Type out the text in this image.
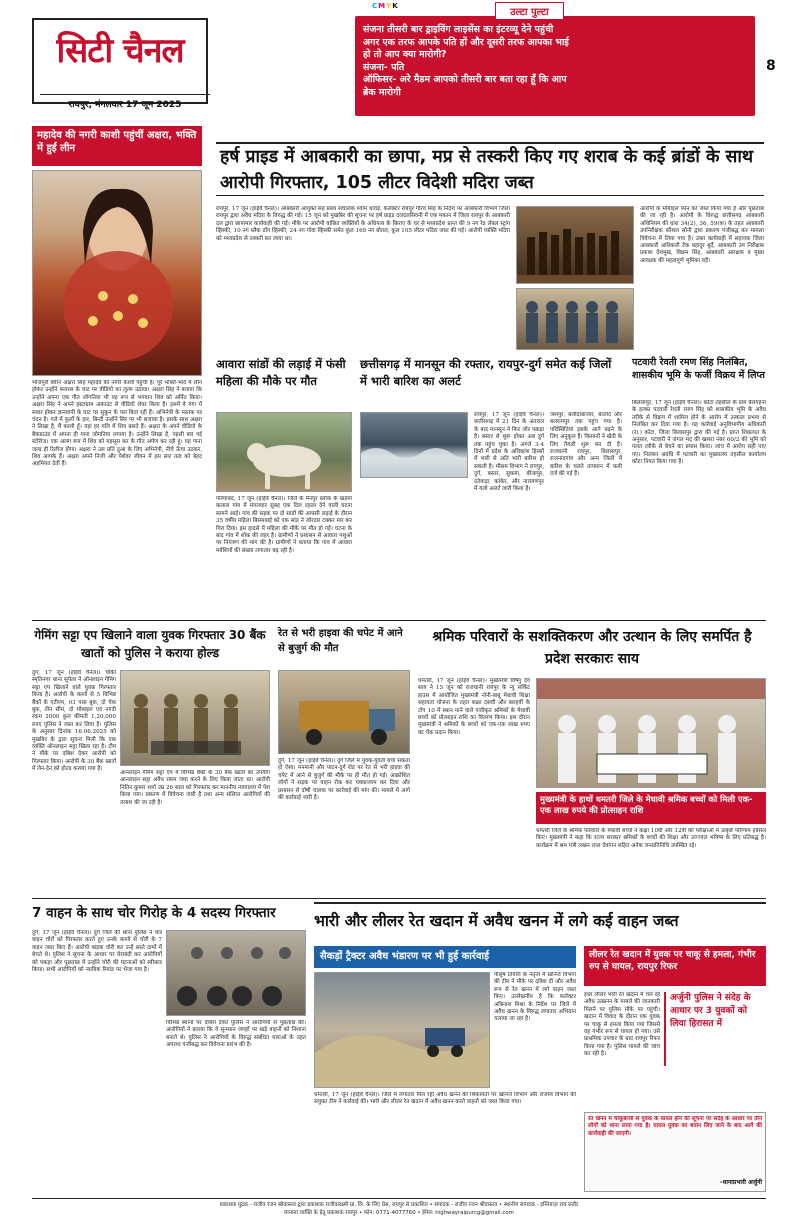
CMYK
सिटी चैनल
रायपुर, मंगलवार 17 जून 2025
उल्टा पुल्टा
संजना तीसरी बार ड्राइविंग लाइसेंस का इंटरव्यू देने पहुंची
अगर एक तरफ आपके पति हों और दूसरी तरफ आपका भाई
हो तो आप क्या मारोगी?
संजना- पति
ऑफिसर- अरे मैडम आपको तीसरी बार बता रहा हूँ कि आप
ब्रेक मारोगी
8
महादेव की नगरी काशी पहुंचीं अक्षरा, भक्ति में हुईं लीन
भोजपुरी क्वीन अक्षरा सिंह महादेव की नगरी काशी पहुंचीं हैं। पूरे भक्ति-भाव में लीन होकर उन्होंने बनारस के घाट पर वीडियो का लुत्फ उठाया। अक्षरा सिंह ने बताया कि उन्होंने अपना एक गीत जोगनिया भी यह रूप से भगवान शिव को अर्पित किया। अक्षरा सिंह ने अपने इंस्टाग्राम अकाउंट से वीडियो शेयर किया है। इसमें वे गंगा में सवार होकर ज्ञानवापी के घाट पर सुकून के पल बिता रही हैं। अभिनेत्री के मस्तक पर चंदन है। गले में फूलों के हार, बिन्दी उन्होंने सिर पर भी सजाया है। इसके साथ अक्षरा ने लिखा है, मैं काशी हूँ। यहां हर गलि में शिव बसते हैं। अक्षरा के अपने वीडियो के बैकग्राउंड में अपना ही गाना जोगनिया लगाया है। उन्होंने लिखा है, पहली बार गई स्टोरीज। एक अलग रूप में शिव को महसूस कर के गीत अर्पण कर रही हूं। यह गाना जल्द ही रिलीज होगा। अक्षरा ने उस प्रति दुआ के लिए अभिनेत्री, नीचे ऊँचा उठकर, शिव आपके हैं। अक्षरा अपने निजी और पेशेवर जीवन में इस सार तत्व को बेहद अहमियत देती हैं।
हर्ष प्राइड में आबकारी का छापा, मप्र से तस्करी किए गए शराब के कई ब्रांडों के साथ आरोपी गिरफ्तार, 105 लीटर विदेशी मदिरा जब्त
रायपुर, 17 जून (हाईवे चैनल)। आबकारी आयुक्त सह प्रबंध संचालक श्याम धावड़े, कलेक्टर रायपुर गौरव सिंह के निर्देश पर आबकारी विभाग जिला रायपुर द्वारा अवैध मदिरा के विरुद्ध की गई। 15 जून को मुखबिर की सूचना पर हर्ष प्राइड दलदलसिवनी में एक मकान में जिला रायपुर के आबकारी दल द्वारा छापामार कार्यवाही की गई। मौके पर आरोपी वांछित व्यक्तियों के अधिपत्य के किराए के घर से मध्यप्रदेश प्रान्त की 9 नग रेड लेबल स्ट्रांग व्हिस्की, 10 नग ब्लैक डॉग व्हिस्की, 24 नग गोवा व्हिस्की समेत कुल 169 नग बोतल, कुल 105 लीटर मदिरा जब्त की गई। आरोपी व्यक्ति मदिरा को मध्यप्रदेश से तस्करी कर लाया था।
आरोपी के मोबाइल फोन को जब्त किया गया है और पूछताछ की जा रही है। आरोपी के विरुद्ध छत्तीसगढ़ आबकारी अधिनियम की धारा 34(2), 36, 59(क) के तहत आबकारी उपनिरीक्षक कौशल सोनी द्वारा प्रकरण पंजीबद्ध कर मामला विवेचना में लिया गया है। उक्त कार्यवाही में सहायक जिला आबकारी अधिकारी टेक बहादुर बुर्दे, आबकारी उप निरीक्षक प्रकाश देशमुख, विक्रम सिंह, आबकारी आरक्षक व मुख्य आरक्षक की महत्वपूर्ण भूमिका रही।
आवारा सांडों की लड़ाई में फंसी महिला की मौके पर मौत
गरियाबंद, 17 जून (हाईवे चैनल)। जिले के मैनपुर ब्लॉक के खडमा कलाल गांव में मंगलवार सुबह एक दिल दहला देने वाली घटना सामने आई। गांव की सड़क पर दो सांडों की आपसी लड़ाई के दौरान 35 वर्षीय महिला बिसमबाई को एक सांड ने जोरदार टक्कर मार कर गिरा दिया। इस हादसे में महिला की मौके पर मौत हो गई। घटना के बाद गांव में शोक की लहर है। ग्रामीणों ने प्रशासन से आवारा पशुओं पर नियंत्रण की मांग की है। ग्रामीणों ने बताया कि गांव में आवारा मवेशियों की संख्या लगातार बढ़ रही है।
छत्तीसगढ़ में मानसून की रफ्तार, रायपुर-दुर्ग समेत कई जिलों में भारी बारिश का अलर्ट
रायपुर, 17 जून (हाईवे चैनल)। छत्तीसगढ़ में 21 दिन के अंतराल के बाद मानसून ने फिर जोर पकड़ा है। बस्तर से शुरू होकर अब दुर्ग तक पहुंच चुका है। अगले 3-4 दिनों में प्रदेश के अधिकांश हिस्सों में भारी से अति भारी बारिश हो सकती है। मौसम विभाग ने रायपुर, दुर्ग, बस्तर, सुकमा, बीजापुर, दंतेवाड़ा, कांकेर, और नारायणपुर में यलो अलर्ट जारी किया है।
जशपुर, बलौदाबाजार, बालोद और बलरामपुर तक पहुंच गया है। परिस्थितियां इसके आगे बढ़ने के लिए अनुकूल हैं। किसानों ने खेती के लिए तैयारी शुरू कर दी है। राजधानी रायपुर, बिलासपुर, राजनांदगांव और अन्य जिलों में बारिश के चलते तापमान में कमी दर्ज की गई है।
पटवारी रेवती रमण सिंह निलंबित, शासकीय भूमि के फर्जी विक्रय में लिप्त
बिलासपुर, 17 जून (हाईवे चैनल)। कोटा तहसील के ग्राम बेलगहना के हल्का पटवारी रेवती रमण सिंह को शासकीय भूमि के अवैध तरीके से विक्रय में शामिल होने के आरोप में तत्काल प्रभाव से निलंबित कर दिया गया है। यह कार्रवाई अनुविभागीय अधिकारी (रा.) कोटा, जिला बिलासपुर द्वारा की गई है। प्राप्त शिकायत के अनुसार, पटवारी ने जंगल मद की खसरा नंबर 60/2 की भूमि को गलत तरीके से बेचने का प्रयास किया। जांच में आरोप सही पाए गए। निलंबन अवधि में पटवारी का मुख्यालय तहसील कार्यालय कोटा नियत किया गया है।
गेमिंग सट्टा एप खिलाने वाला युवक गिरफ्तार 30 बैंक खातों को पुलिस ने कराया होल्ड
दुर्ग, 17 जून (हाईवे चैनल)। चौकी स्मृतिनगर थाना सुपेला ने ऑनलाइन गेमिंग सट्टा एप खिलाने वाले युवक गिरफ्तार किया है। आरोपी के कब्जे से 5 विभिन्न बैंकों के एटीएम, 03 पास बुक, दो चेक बुक, तीन सीम, दो मोबाइल एवं नगदी रकम 2000 कुल कीमती 1,20,000 रुपए पुलिस ने जब्त कर लिया है। पुलिस के अनुसार दिनांक 16.06.2025 को मुखबिर के द्वारा सूचना मिली कि एक व्यक्ति ऑनलाइन सट्टा खिला रहा है। टीम ने मौके पर दबिश देकर आरोपी को गिरफ्तार किया। आरोपी के 30 बैंक खातों में लेन-देन को होल्ड कराया गया है।
आनलाइन गेमिंग सट्टा एप में विभिन्न बैंकों के 30 बैंक खातों का उपयोग आनलाइन सट्टा अवैध रकम जमा करने के लिए किया जाता था। आरोपी नितिन कुमार शर्मा उम्र 26 साल को गिरफ्तार कर माननीय न्यायालय में पेश किया गया। प्रकरण में विवेचना जारी है तथा अन्य संलिप्त आरोपियों की तलाश की जा रही है।
रेत से भरी हाइवा की चपेट में आने से बुजुर्ग की मौत
दुर्ग, 17 जून (हाईवे चैनल)। दुर्ग जिले में युवक-युवती बचा सकता हो ऐसा। मनमानी और पाटन-दुर्ग रोड पर रेत से भरी हाइवा की चपेट में आने से बुजुर्ग की मौके पर ही मौत हो गई। आक्रोशित लोगों ने सड़क पर वाहन रोक कर चक्काजाम कर दिया और प्रशासन से दोषी चालक पर कार्रवाई की मांग की। मामले में आगे की कार्रवाई जारी है।
श्रमिक परिवारों के सशक्तिकरण और उत्थान के लिए समर्पित है प्रदेश सरकारः साय
धमतरी, 17 जून (हाईवे चैनल)। मुख्यमंत्री विष्णु देव साय ने 15 जून को राजधानी रायपुर के न्यू सर्किट हाउस में आयोजित मुख्यमंत्री नोनी-बाबू मेधावी शिक्षा सहायता योजना के तहत कक्षा दसवीं और बारहवीं के टॉप 10 में स्थान पाने वाले पंजीकृत श्रमिकों के मेधावी बच्चों को प्रोत्साहन राशि का वितरण किया। इस दौरान मुख्यमंत्री ने श्रमिकों के बच्चों को एक-एक लाख रुपए का चेक प्रदान किया।
मुख्यमंत्री के हाथों धमतरी जिले के मेधावी श्रमिक बच्चों को मिली एक-एक लाख रुपये की प्रोत्साहन राशि
धमतरी जिले के श्रमिक परिवारों के मेधावी बच्चों ने कक्षा 10वीं और 12वीं की परीक्षाओं में उत्कृष्ट परिणाम हासिल किए। मुख्यमंत्री ने कहा कि राज्य सरकार श्रमिकों के बच्चों की शिक्षा और उज्ज्वल भविष्य के लिए प्रतिबद्ध है। कार्यक्रम में श्रम मंत्री लखन लाल देवांगन सहित अनेक जनप्रतिनिधि उपस्थित रहे।
7 वाहन के साथ चोर गिरोह के 4 सदस्य गिरफ्तार
दुर्ग, 17 जून (हाईवे चैनल)। दुर्ग जिले की थाना पुलिस ने चार वाहन चोरों को गिरफ्तार करते हुए उनके कब्जे से चोरी के 7 वाहन जब्त किए हैं। आरोपी बाइक चोरी कर उन्हें सस्ते दामों में बेचते थे। पुलिस ने सूचना के आधार पर घेराबंदी कर आरोपियों को पकड़ा और पूछताछ में उन्होंने चोरी की घटनाओं को स्वीकार किया। सभी आरोपियों को न्यायिक रिमांड पर भेजा गया है।
विभिन्न स्थानों पर दबिश देकर पुलिस ने आरोपियों से पूछताछ की। आरोपियों ने बताया कि वे सुनसान जगहों पर खड़े वाहनों को निशाना बनाते थे। पुलिस ने आरोपियों के विरुद्ध संबंधित धाराओं के तहत अपराध पंजीबद्ध कर विवेचना प्रारंभ की है।
भारी और लीलर रेत खदान में अवैध खनन में लगे कई वाहन जब्त
सैकड़ों ट्रैक्टर अवैध भंडारण पर भी हुई कार्रवाई
पीसूष तिवारी के नेतृत्व में खनिज विभाग की टीम ने मौके पर दबिश दी और अवैध रूप से रेत खनन में लगे वाहन जब्त किए। उल्लेखनीय है कि कलेक्टर अबिनाश मिश्रा के निर्देश पर जिले में अवैध खनन के विरुद्ध लगातार अभियान चलाया जा रहा है।
धमतरी, 17 जून (हाईवे चैनल)। जिले में लगातार मिल रही अवैध खनन की शिकायतों पर खनिज विभाग और राजस्व विभाग की संयुक्त टीम ने कार्रवाई की। भारी और लीलर रेत खदान में अवैध खनन करते वाहनों को जब्त किया गया।
लीलर रेत खदान में युवक पर चाकू से हमला, गंभीर रुप से घायल, रायपुर रिफर
अर्जुनी पुलिस ने संदेह के आधार पर 3 युवकों को लिया हिरासत में
इधर लीलर भारी रेत खदान में चल रहे अवैध उत्खनन के मामले की जानकारी मिलने पर पुलिस मौके पर पहुंची। खदान में विवाद के दौरान एक युवक पर चाकू से हमला किया गया जिससे वह गंभीर रूप से घायल हो गया। उसे प्राथमिक उपचार के बाद रायपुर रिफर किया गया है। पुलिस मामले की जांच कर रही है।
रेत खनन में चाकूबाजी से युवक के घायल होने की सूचना पर संदेह के आधार पर तीन लोगों को थाना लाया गया है। घायल युवक का बयान लिए जाने के बाद आगे की कार्यवाही की जाएगी।
-थानाप्रभारी अर्जुनी
प्रकाशक मुद्रक - राजीव रंजन श्रीवास्तव द्वारा प्रकाशक राजीवलक्ष्मी प्रा. लि. के लिए प्रेस, रायपुर से प्रकाशित • संपादक - राजीव रंजन श्रीवास्तव • स्थानीय संपादक - इम्तियाज़ राय राठौर
मान्यता व्यक्ति के हेतु प्रकाशक रायपुर • फोन: 0771-4077760 • ईमेल: highwayraipurcg@gmail.com
